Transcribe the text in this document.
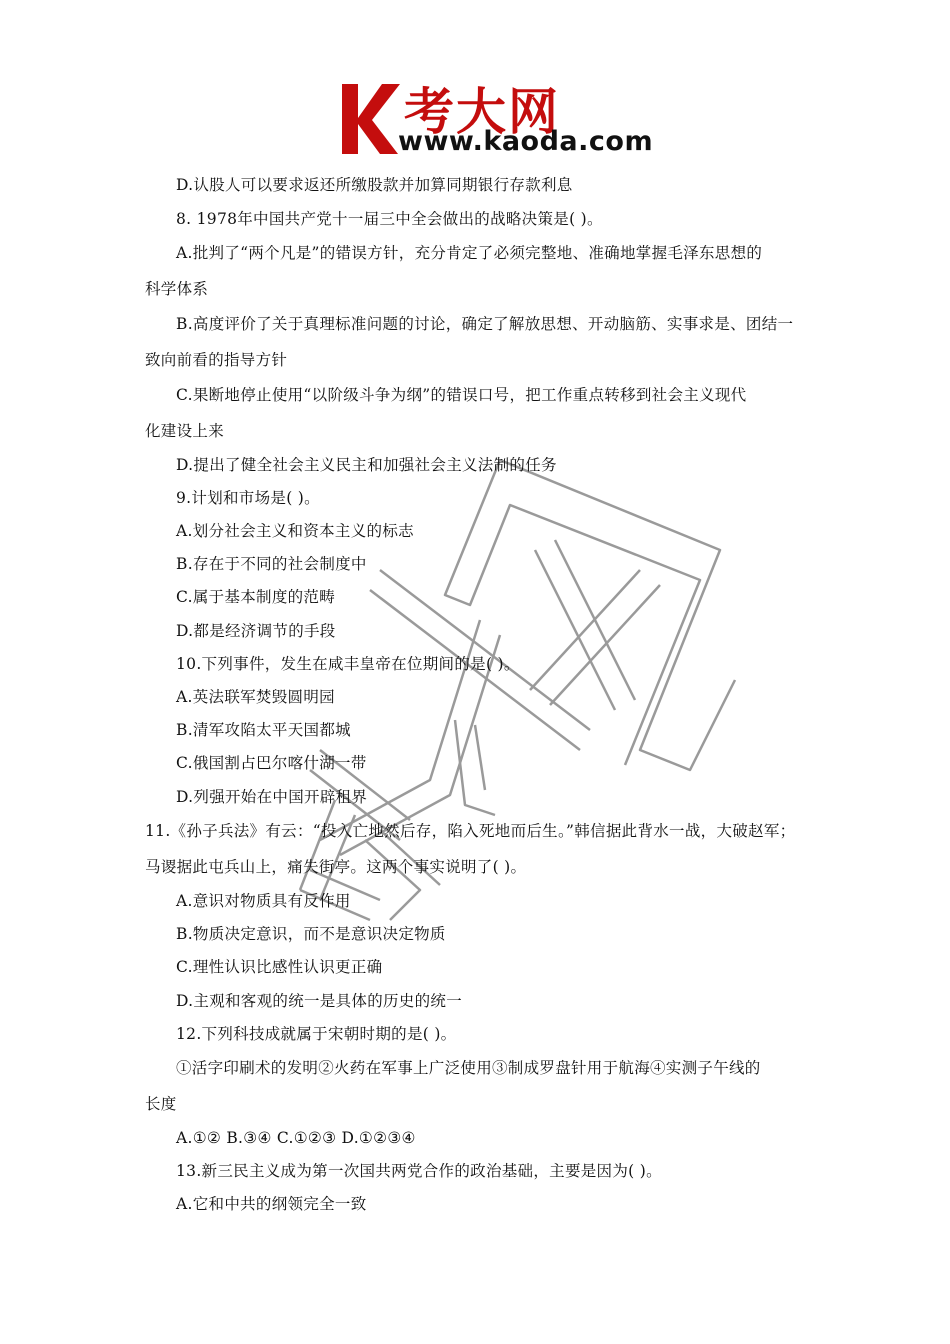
考大网
www.kaoda.com
D.认股人可以要求返还所缴股款并加算同期银行存款利息
8. 1978年中国共产党十一届三中全会做出的战略决策是( )。
A.批判了“两个凡是”的错误方针，充分肯定了必须完整地、准确地掌握毛泽东思想的
科学体系
B.高度评价了关于真理标准问题的讨论，确定了解放思想、开动脑筋、实事求是、团结一
致向前看的指导方针
C.果断地停止使用“以阶级斗争为纲”的错误口号，把工作重点转移到社会主义现代
化建设上来
D.提出了健全社会主义民主和加强社会主义法制的任务
9.计划和市场是( )。
A.划分社会主义和资本主义的标志
B.存在于不同的社会制度中
C.属于基本制度的范畴
D.都是经济调节的手段
10.下列事件，发生在咸丰皇帝在位期间的是( )。
A.英法联军焚毁圆明园
B.清军攻陷太平天国都城
C.俄国割占巴尔喀什湖一带
D.列强开始在中国开辟租界
11.《孙子兵法》有云：“投入亡地然后存，陷入死地而后生。”韩信据此背水一战，大破赵军；
马谡据此屯兵山上，痛失街亭。这两个事实说明了( )。
A.意识对物质具有反作用
B.物质决定意识，而不是意识决定物质
C.理性认识比感性认识更正确
D.主观和客观的统一是具体的历史的统一
12.下列科技成就属于宋朝时期的是( )。
①活字印刷术的发明②火药在军事上广泛使用③制成罗盘针用于航海④实测子午线的
长度
A.①② B.③④ C.①②③ D.①②③④
13.新三民主义成为第一次国共两党合作的政治基础，主要是因为( )。
A.它和中共的纲领完全一致
